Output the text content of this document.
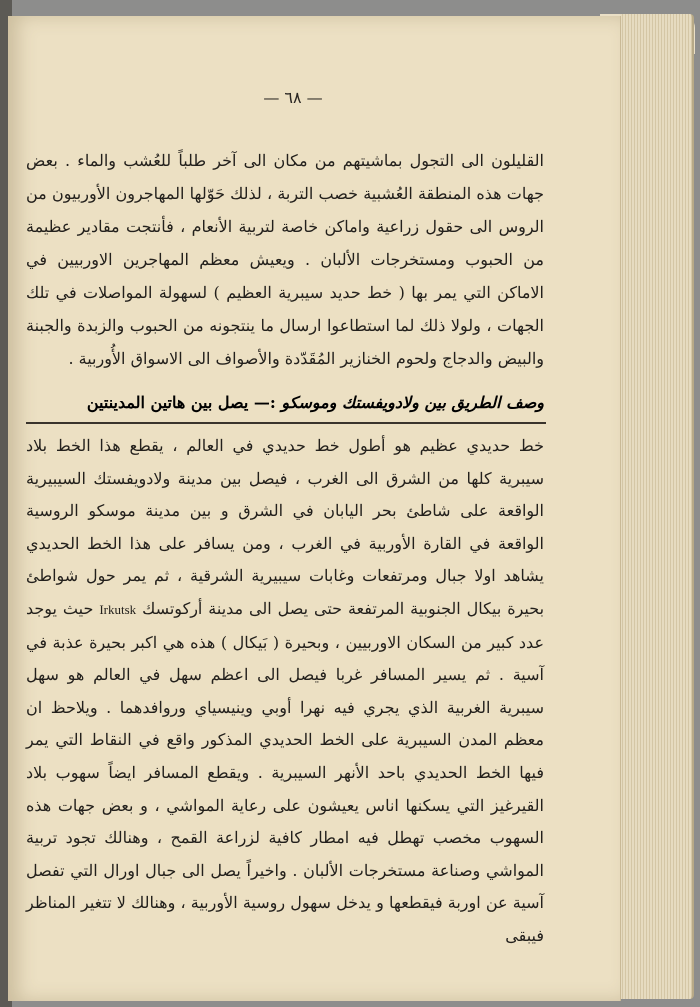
— ٦٨ —

القليلون الى التجول بماشيتهم من مكان الى آخر طلباً للعُشب والماء . بعض جهات هذه المنطقة العُشبية خصب التربة ، لذلك حَوّلها المهاجرون الأوربيون من الروس الى حقول زراعية واماكن خاصة لتربية الأنعام ، فأنتجت مقادير عظيمة من الحبوب ومستخرجات الألبان . ويعيش معظم المهاجرين الاوربيين في الاماكن التي يمر بها ( خط حديد سيبرية العظيم ) لسهولة المواصلات في تلك الجهات ، ولولا ذلك لما استطاعوا ارسال ما ينتجونه من الحبوب والزبدة والجبنة والبيض والدجاج ولحوم الخنازير المُقَدّدة والأصواف الى الاسواق الأُوربية .

وصف الطريق بين ولادويفستك وموسكو :— يصل بين هاتين المدينتين

خط حديدي عظيم هو أطول خط حديدي في العالم ، يقطع هذا الخط بلاد سيبرية كلها من الشرق الى الغرب ، فيصل بين مدينة ولادويفستك السيبيرية الواقعة على شاطئ بحر اليابان في الشرق و بين مدينة موسكو الروسية الواقعة في القارة الأوربية في الغرب ، ومن يسافر على هذا الخط الحديدي يشاهد اولا جبال ومرتفعات وغابات سيبيرية الشرقية ، ثم يمر حول شواطئ بحيرة بيكال الجنوبية المرتفعة حتى يصل الى مدينة أركوتسك Irkutsk حيث يوجد عدد كبير من السكان الاوربيين ، وبحيرة ( بَيكال ) هذه هي اكبر بحيرة عذبة في آسية . ثم يسير المسافر غربا فيصل الى اعظم سهل في العالم هو سهل سيبرية الغربية الذي يجري فيه نهرا أوبي وينيسياي وروافدهما . ويلاحظ ان معظم المدن السيبرية على الخط الحديدي المذكور واقع في النقاط التي يمر فيها الخط الحديدي باحد الأنهر السيبرية . ويقطع المسافر ايضاً سهوب بلاد القيرغيز التي يسكنها اناس يعيشون على رعاية المواشي ، و بعض جهات هذه السهوب مخصب تهطل فيه امطار كافية لزراعة القمح ، وهنالك تجود تربية المواشي وصناعة مستخرجات الألبان . واخيراً يصل الى جبال اورال التي تفصل آسية عن اوربة فيقطعها و يدخل سهول روسية الأوربية ، وهنالك لا تتغير المناظر فيبقى
